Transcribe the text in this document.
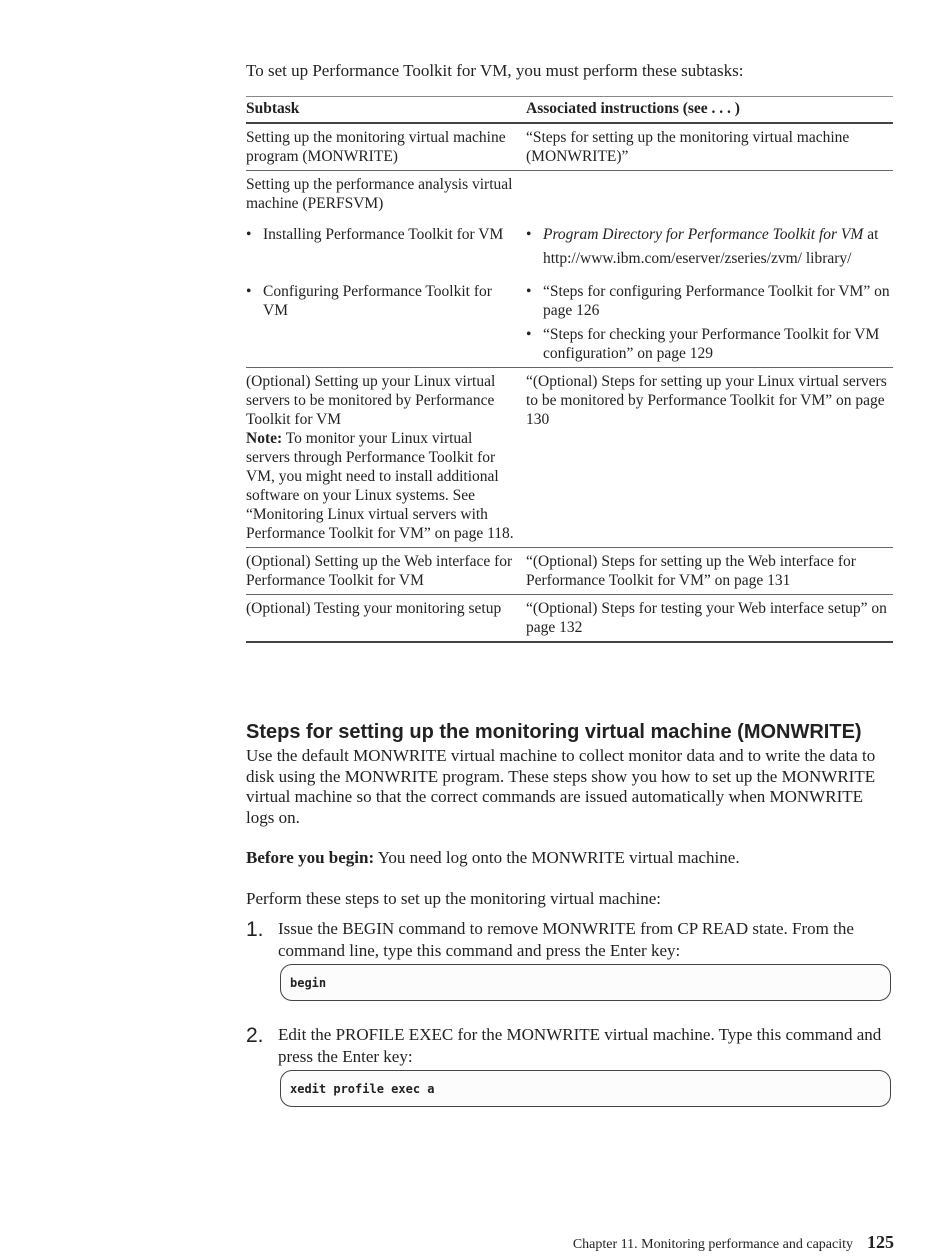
To set up Performance Toolkit for VM, you must perform these subtasks:

Subtask	Associated instructions (see . . . )
Setting up the monitoring virtual machine program (MONWRITE)	“Steps for setting up the monitoring virtual machine (MONWRITE)”
Setting up the performance analysis virtual machine (PERFSVM)	

• Installing Performance Toolkit for VM	• Program Directory for Performance Toolkit for VM at
http://www.ibm.com/eserver/zseries/zvm/ library/

• Configuring Performance Toolkit for VM	• “Steps for configuring Performance Toolkit for VM” on page 126
• “Steps for checking your Performance Toolkit for VM configuration” on page 129

(Optional) Setting up your Linux virtual servers to be monitored by Performance Toolkit for VM
Note: To monitor your Linux virtual servers through Performance Toolkit for VM, you might need to install additional software on your Linux systems. See “Monitoring Linux virtual servers with Performance Toolkit for VM” on page 118.	“(Optional) Steps for setting up your Linux virtual servers to be monitored by Performance Toolkit for VM” on page 130
(Optional) Setting up the Web interface for Performance Toolkit for VM	“(Optional) Steps for setting up the Web interface for Performance Toolkit for VM” on page 131
(Optional) Testing your monitoring setup	“(Optional) Steps for testing your Web interface setup” on page 132
Steps for setting up the monitoring virtual machine (MONWRITE)

Use the default MONWRITE virtual machine to collect monitor data and to write the data to disk using the MONWRITE program. These steps show you how to set up the MONWRITE virtual machine so that the correct commands are issued automatically when MONWRITE logs on.

Before you begin: You need log onto the MONWRITE virtual machine.

Perform these steps to set up the monitoring virtual machine:

1. Issue the BEGIN command to remove MONWRITE from CP READ state. From the command line, type this command and press the Enter key:
begin
2. Edit the PROFILE EXEC for the MONWRITE virtual machine. Type this command and press the Enter key:
xedit profile exec a
Chapter 11. Monitoring performance and capacity 125
